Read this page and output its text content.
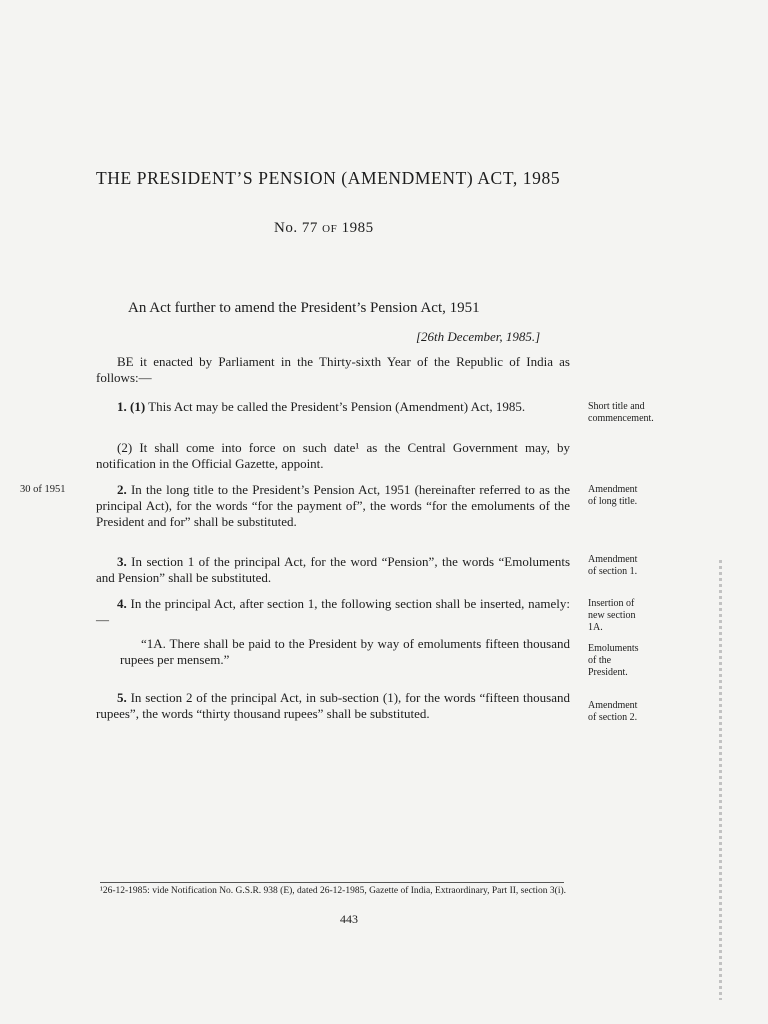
THE PRESIDENT’S PENSION (AMENDMENT) ACT, 1985
No. 77 OF 1985
An Act further to amend the President’s Pension Act, 1951
[26th December, 1985.]
BE it enacted by Parliament in the Thirty-sixth Year of the Republic of India as follows:—
1. (1) This Act may be called the President’s Pension (Amendment) Act, 1985.
(2) It shall come into force on such date¹ as the Central Government may, by notification in the Official Gazette, appoint.
2. In the long title to the President’s Pension Act, 1951 (hereinafter referred to as the principal Act), for the words “for the payment of”, the words “for the emoluments of the President and for” shall be substituted.
3. In section 1 of the principal Act, for the word “Pension”, the words “Emoluments and Pension” shall be substituted.
4. In the principal Act, after section 1, the following section shall be inserted, namely:—
“1A. There shall be paid to the President by way of emoluments fifteen thousand rupees per mensem.”
5. In section 2 of the principal Act, in sub-section (1), for the words “fifteen thousand rupees”, the words “thirty thousand rupees” shall be substituted.
Short title and commencement.
Amendment of long title.
Amendment of section 1.
Insertion of new section 1A.
Emoluments of the President.
Amendment of section 2.
30 of 1951
¹26-12-1985: vide Notification No. G.S.R. 938 (E), dated 26-12-1985, Gazette of India, Extraordinary, Part II, section 3(i).
443
